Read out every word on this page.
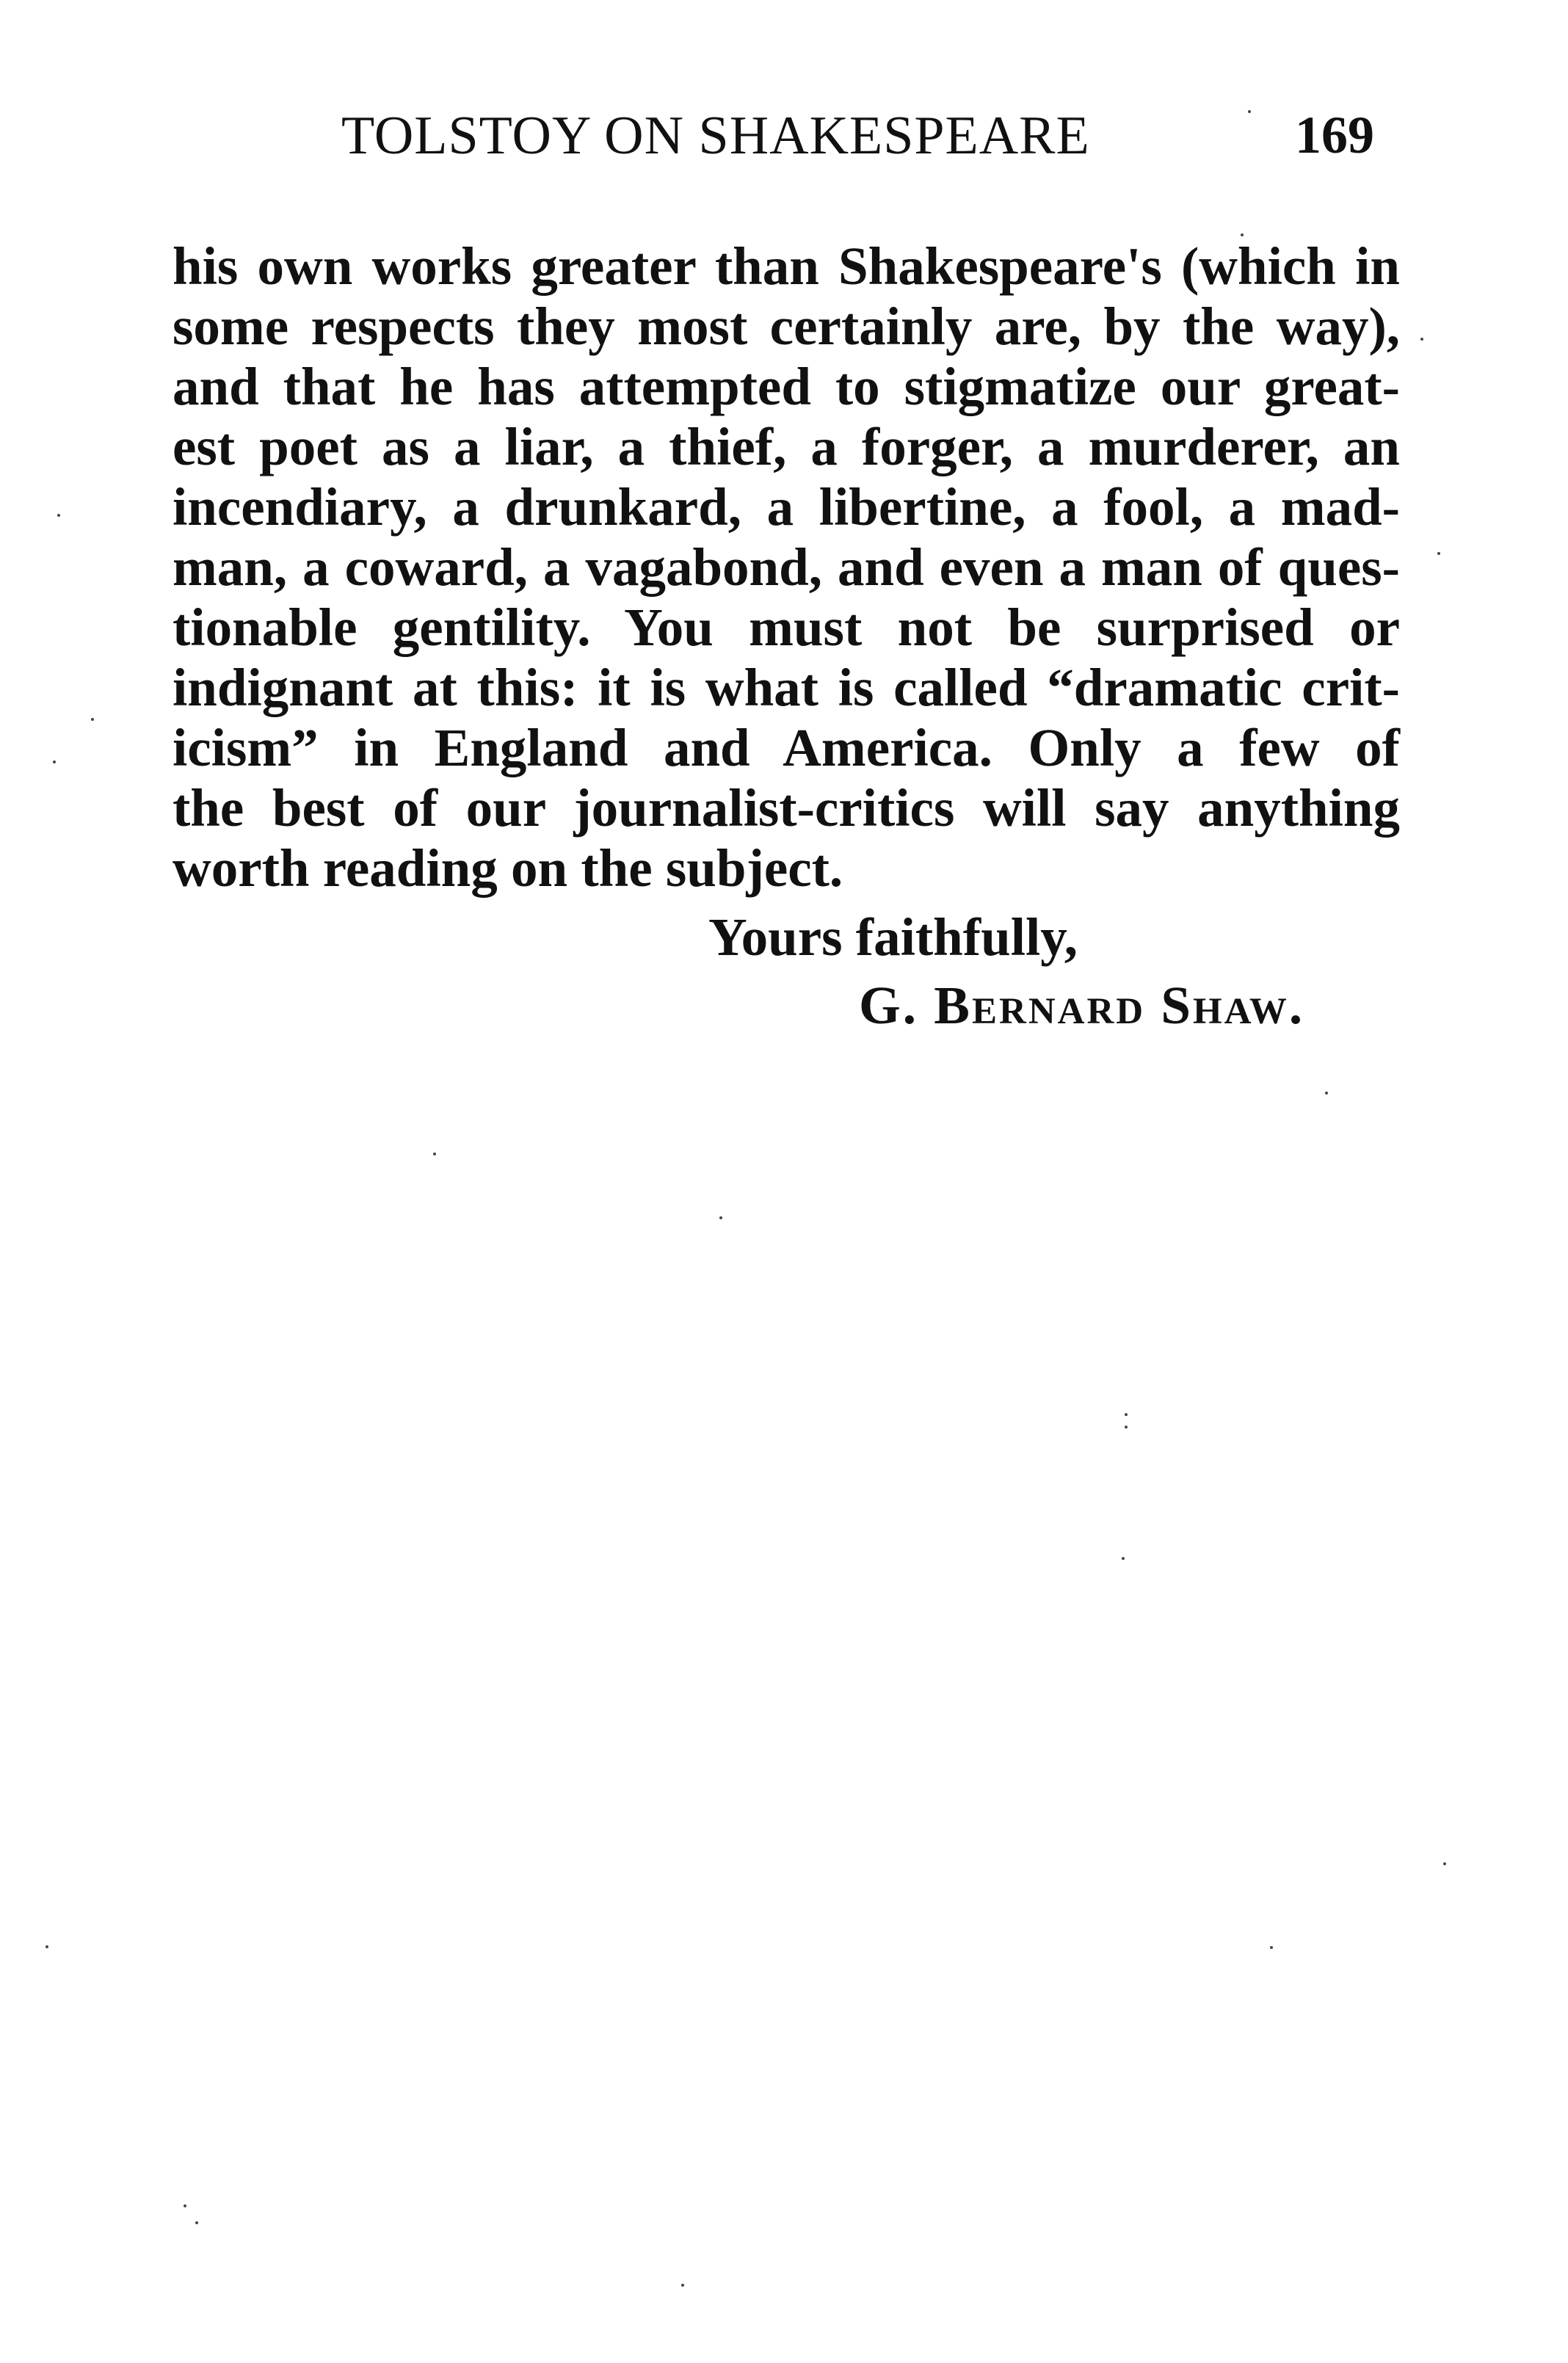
TOLSTOY ON SHAKESPEARE	169
his own works greater than Shakespeare's (which in
some respects they most certainly are, by the way),
and that he has attempted to stigmatize our great-
est poet as a liar, a thief, a forger, a murderer, an
incendiary, a drunkard, a libertine, a fool, a mad-
man, a coward, a vagabond, and even a man of ques-
tionable gentility. You must not be surprised or
indignant at this: it is what is called “dramatic crit-
icism” in England and America. Only a few of
the best of our journalist-critics will say anything
worth reading on the subject.
Yours faithfully,
G. Bernard Shaw.
